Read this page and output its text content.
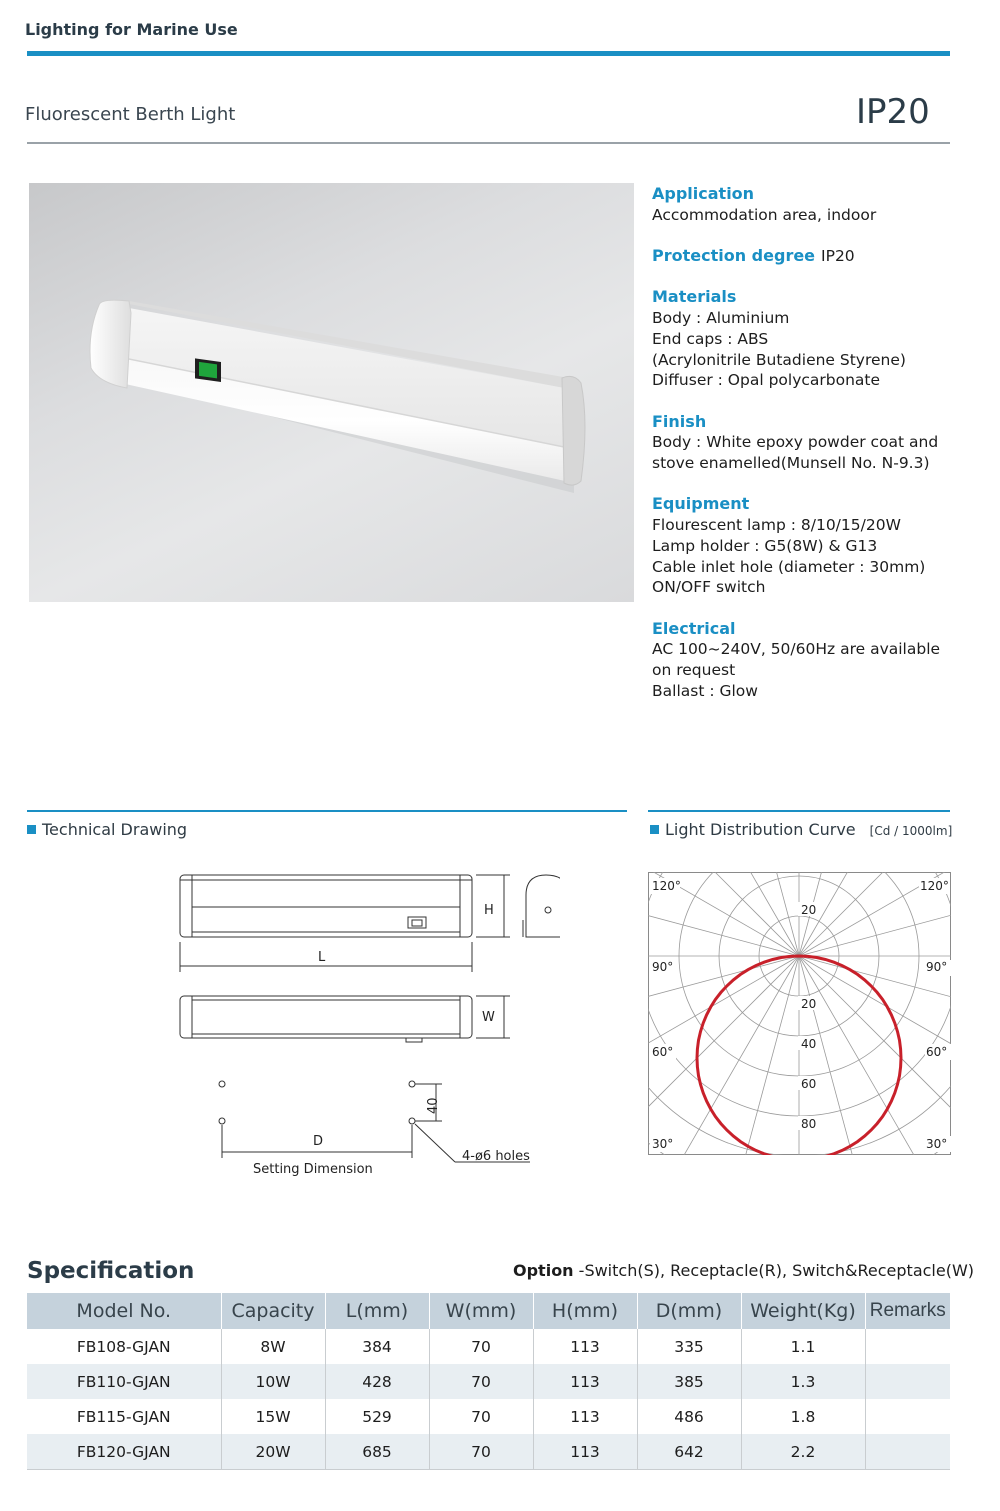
Lighting for Marine Use
Fluorescent Berth Light	IP20
Application
Accommodation area, indoor
Protection degree IP20
Materials
Body : Aluminium
End caps : ABS
(Acrylonitrile Butadiene Styrene)
Diffuser : Opal polycarbonate
Finish
Body : White epoxy powder coat and
stove enamelled(Munsell No. N-9.3)
Equipment
Flourescent lamp : 8/10/15/20W
Lamp holder : G5(8W) & G13
Cable inlet hole (diameter : 30mm)
ON/OFF switch
Electrical
AC 100~240V, 50/60Hz are available
on request
Ballast : Glow
Technical Drawing	Light Distribution Curve [Cd / 1000lm]
H
L
W
40
D
Setting Dimension
4-ø6 holes
120°	120°
90°	90°
60°	60°
30°	30°
20
20
40
60
80
Specification	Option -Switch(S), Receptacle(R), Switch&Receptacle(W)
Model No.	Capacity	L(mm)	W(mm)	H(mm)	D(mm)	Weight(Kg)	Remarks
FB108-GJAN	8W	384	70	113	335	1.1	
FB110-GJAN	10W	428	70	113	385	1.3	
FB115-GJAN	15W	529	70	113	486	1.8	
FB120-GJAN	20W	685	70	113	642	2.2	
